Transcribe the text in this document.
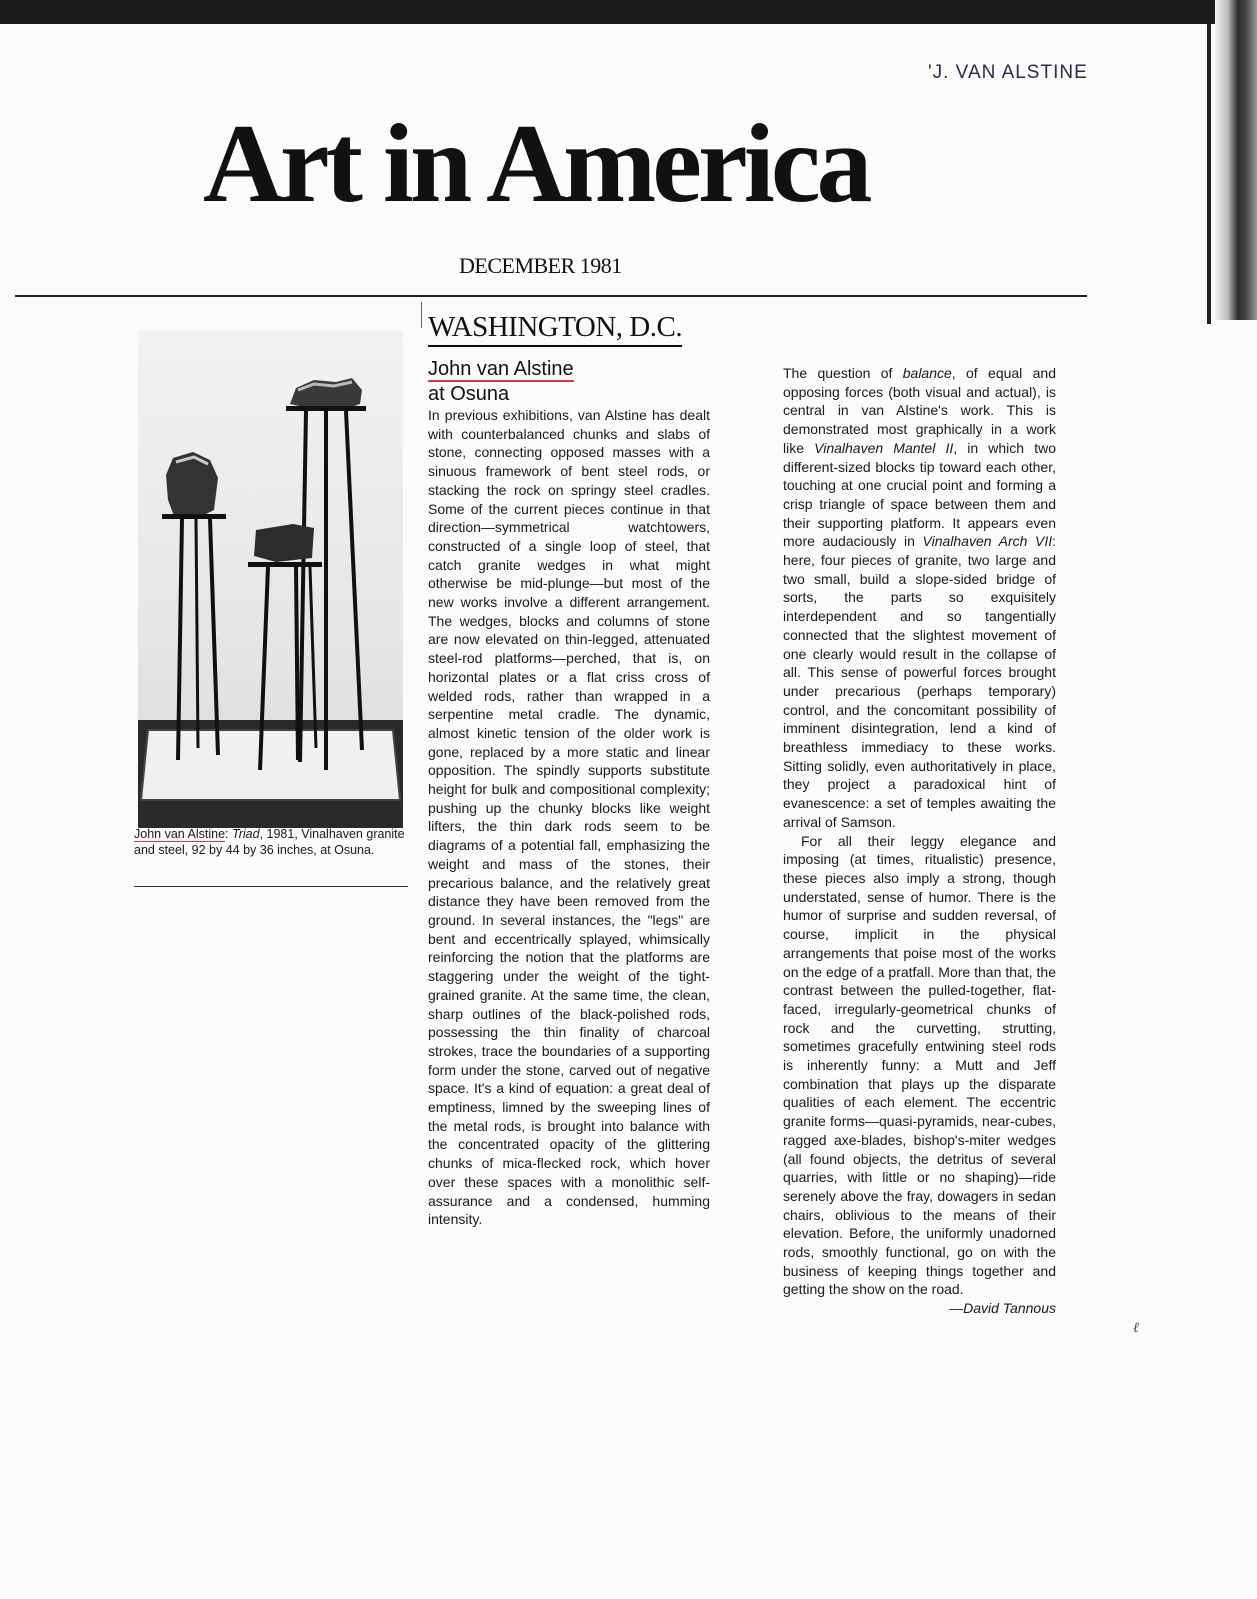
'J. VAN ALSTINE
Art in America
DECEMBER 1981
WASHINGTON, D.C.
John van Alstine
at Osuna
John van Alstine: Triad, 1981, Vinalhaven granite and steel, 92 by 44 by 36 inches, at Osuna.

In previous exhibitions, van Alstine has dealt with counterbalanced chunks and slabs of stone, connecting opposed masses with a sinuous framework of bent steel rods, or stacking the rock on springy steel cradles. Some of the current pieces continue in that direction—symmetrical watchtowers, constructed of a single loop of steel, that catch granite wedges in what might otherwise be mid-plunge—but most of the new works involve a different arrangement. The wedges, blocks and columns of stone are now elevated on thin-legged, attenuated steel-rod platforms—perched, that is, on horizontal plates or a flat criss cross of welded rods, rather than wrapped in a serpentine metal cradle. The dynamic, almost kinetic tension of the older work is gone, replaced by a more static and linear opposition. The spindly supports substitute height for bulk and compositional complexity; pushing up the chunky blocks like weight lifters, the thin dark rods seem to be diagrams of a potential fall, emphasizing the weight and mass of the stones, their precarious balance, and the relatively great distance they have been removed from the ground. In several instances, the "legs" are bent and eccentrically splayed, whimsically reinforcing the notion that the platforms are staggering under the weight of the tight-grained granite. At the same time, the clean, sharp outlines of the black-polished rods, possessing the thin finality of charcoal strokes, trace the boundaries of a supporting form under the stone, carved out of negative space. It's a kind of equation: a great deal of emptiness, limned by the sweeping lines of the metal rods, is brought into balance with the concentrated opacity of the glittering chunks of mica-flecked rock, which hover over these spaces with a monolithic self-assurance and a condensed, humming intensity.

The question of balance, of equal and opposing forces (both visual and actual), is central in van Alstine's work. This is demonstrated most graphically in a work like Vinalhaven Mantel II, in which two different-sized blocks tip toward each other, touching at one crucial point and forming a crisp triangle of space between them and their supporting platform. It appears even more audaciously in Vinalhaven Arch VII: here, four pieces of granite, two large and two small, build a slope-sided bridge of sorts, the parts so exquisitely interdependent and so tangentially connected that the slightest movement of one clearly would result in the collapse of all. This sense of powerful forces brought under precarious (perhaps temporary) control, and the concomitant possibility of imminent disintegration, lend a kind of breathless immediacy to these works. Sitting solidly, even authoritatively in place, they project a paradoxical hint of evanescence: a set of temples awaiting the arrival of Samson.

For all their leggy elegance and imposing (at times, ritualistic) presence, these pieces also imply a strong, though understated, sense of humor. There is the humor of surprise and sudden reversal, of course, implicit in the physical arrangements that poise most of the works on the edge of a pratfall. More than that, the contrast between the pulled-together, flat-faced, irregularly-geometrical chunks of rock and the curvetting, strutting, sometimes gracefully entwining steel rods is inherently funny: a Mutt and Jeff combination that plays up the disparate qualities of each element. The eccentric granite forms—quasi-pyramids, near-cubes, ragged axe-blades, bishop's-miter wedges (all found objects, the detritus of several quarries, with little or no shaping)—ride serenely above the fray, dowagers in sedan chairs, oblivious to the means of their elevation. Before, the uniformly unadorned rods, smoothly functional, go on with the business of keeping things together and getting the show on the road.
—David Tannous

ℓ
